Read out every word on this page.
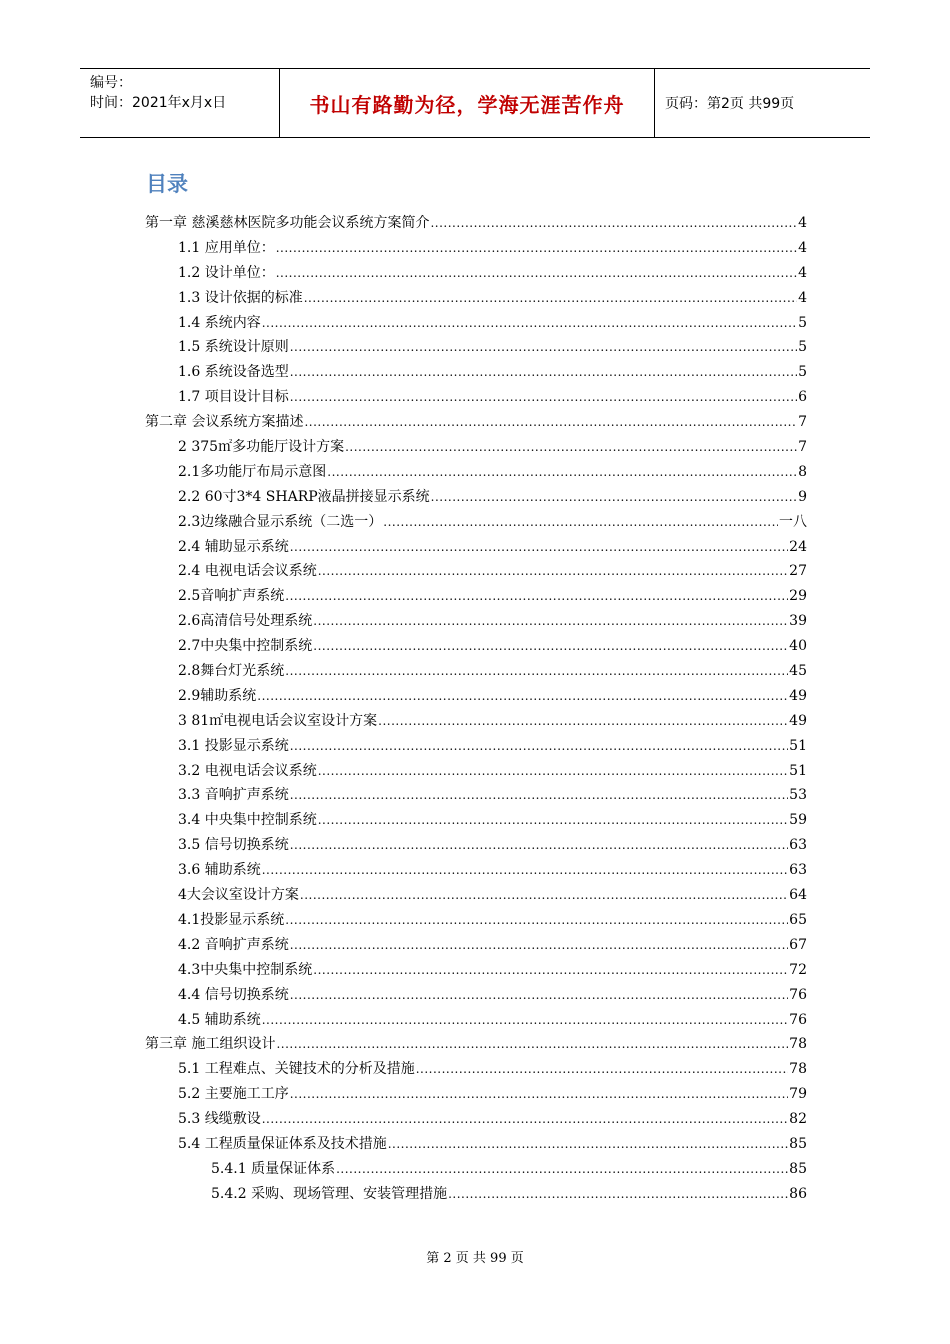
编号：
时间：2021年x月x日	书山有路勤为径，学海无涯苦作舟	页码：第2页 共99页
目录
第一章 慈溪慈林医院多功能会议系统方案简介 .....	4
1.1 应用单位： .....	4
1.2 设计单位： .....	4
1.3 设计依据的标准 .....	4
1.4 系统内容 .....	5
1.5 系统设计原则 .....	5
1.6 系统设备选型 .....	5
1.7 项目设计目标 .....	6
第二章 会议系统方案描述 .....	7
2 375㎡多功能厅设计方案 .....	7
2.1多功能厅布局示意图 .....	8
2.2 60寸3*4 SHARP液晶拼接显示系统 .....	9
2.3边缘融合显示系统（二选一） .....	一八
2.4 辅助显示系统 .....	24
2.4 电视电话会议系统 .....	27
2.5音响扩声系统 .....	29
2.6高清信号处理系统 .....	39
2.7中央集中控制系统 .....	40
2.8舞台灯光系统 .....	45
2.9辅助系统 .....	49
3 81㎡电视电话会议室设计方案 .....	49
3.1 投影显示系统 .....	51
3.2 电视电话会议系统 .....	51
3.3 音响扩声系统 .....	53
3.4 中央集中控制系统 .....	59
3.5 信号切换系统 .....	63
3.6 辅助系统 .....	63
4大会议室设计方案 .....	64
4.1投影显示系统 .....	65
4.2 音响扩声系统 .....	67
4.3中央集中控制系统 .....	72
4.4 信号切换系统 .....	76
4.5 辅助系统 .....	76
第三章 施工组织设计 .....	78
5.1 工程难点、关键技术的分析及措施 .....	78
5.2 主要施工工序 .....	79
5.3 线缆敷设 .....	82
5.4 工程质量保证体系及技术措施 .....	85
5.4.1 质量保证体系 .....	85
5.4.2 采购、现场管理、安装管理措施 .....	86
第 2 页 共 99 页
